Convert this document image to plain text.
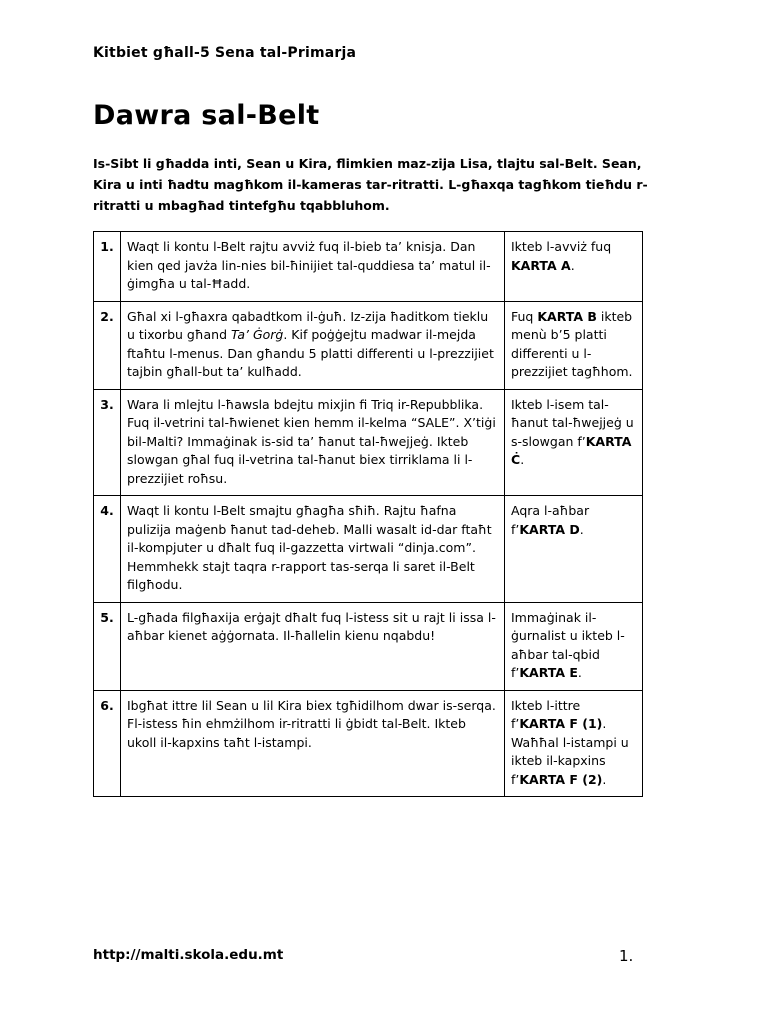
Kitbiet għall-5 Sena tal-Primarja
Dawra sal-Belt
Is-Sibt li għadda inti, Sean u Kira, flimkien maz-zija Lisa, tlajtu sal-Belt. Sean, Kira u inti ħadtu magħkom il-kameras tar-ritratti. L-għaxqa tagħkom tieħdu r-ritratti u mbagħad tintefgħu tqabbluhom.
1.	Waqt li kontu l-Belt rajtu avviż fuq il-bieb ta’ knisja. Dan kien qed javża lin-nies bil-ħinijiet tal-quddiesa ta’ matul il-ġimgħa u tal-Ħadd.	Ikteb l-avviż fuq KARTA A.
2.	Għal xi l-għaxra qabadtkom il-ġuħ. Iz-zija ħaditkom tieklu u tixorbu għand Ta’ Ġorġ. Kif poġġejtu madwar il-mejda ftaħtu l-menus. Dan għandu 5 platti differenti u l-prezzijiet tajbin għall-but ta’ kulħadd.	Fuq KARTA B ikteb menù b’5 platti differenti u l-prezzijiet tagħhom.
3.	Wara li mlejtu l-ħawsla bdejtu mixjin fi Triq ir-Repubblika. Fuq il-vetrini tal-ħwienet kien hemm il-kelma “SALE”. X’tiġi bil-Malti? Immaġinak is-sid ta’ ħanut tal-ħwejjeġ. Ikteb slowgan għal fuq il-vetrina tal-ħanut biex tirriklama li l-prezzijiet roħsu.	Ikteb l-isem tal-ħanut tal-ħwejjeġ u s-slowgan f’KARTA Ċ.
4.	Waqt li kontu l-Belt smajtu għagħa sħiħ. Rajtu ħafna pulizija maġenb ħanut tad-deheb. Malli wasalt id-dar ftaħt il-kompjuter u dħalt fuq il-gazzetta virtwali “dinja.com”. Hemmhekk stajt taqra r-rapport tas-serqa li saret il-Belt filgħodu.	Aqra l-aħbar f’KARTA D.
5.	L-għada filgħaxija erġajt dħalt fuq l-istess sit u rajt li issa l-aħbar kienet aġġornata. Il-ħallelin kienu nqabdu!	Immaġinak il-ġurnalist u ikteb l-aħbar tal-qbid f’KARTA E.
6.	Ibgħat ittre lil Sean u lil Kira biex tgħidilhom dwar is-serqa. Fl-istess ħin ehmżilhom ir-ritratti li ġbidt tal-Belt. Ikteb ukoll il-kapxins taħt l-istampi.	Ikteb l-ittre f’KARTA F (1). Waħħal l-istampi u ikteb il-kapxins f’KARTA F (2).
http://malti.skola.edu.mt	1.
